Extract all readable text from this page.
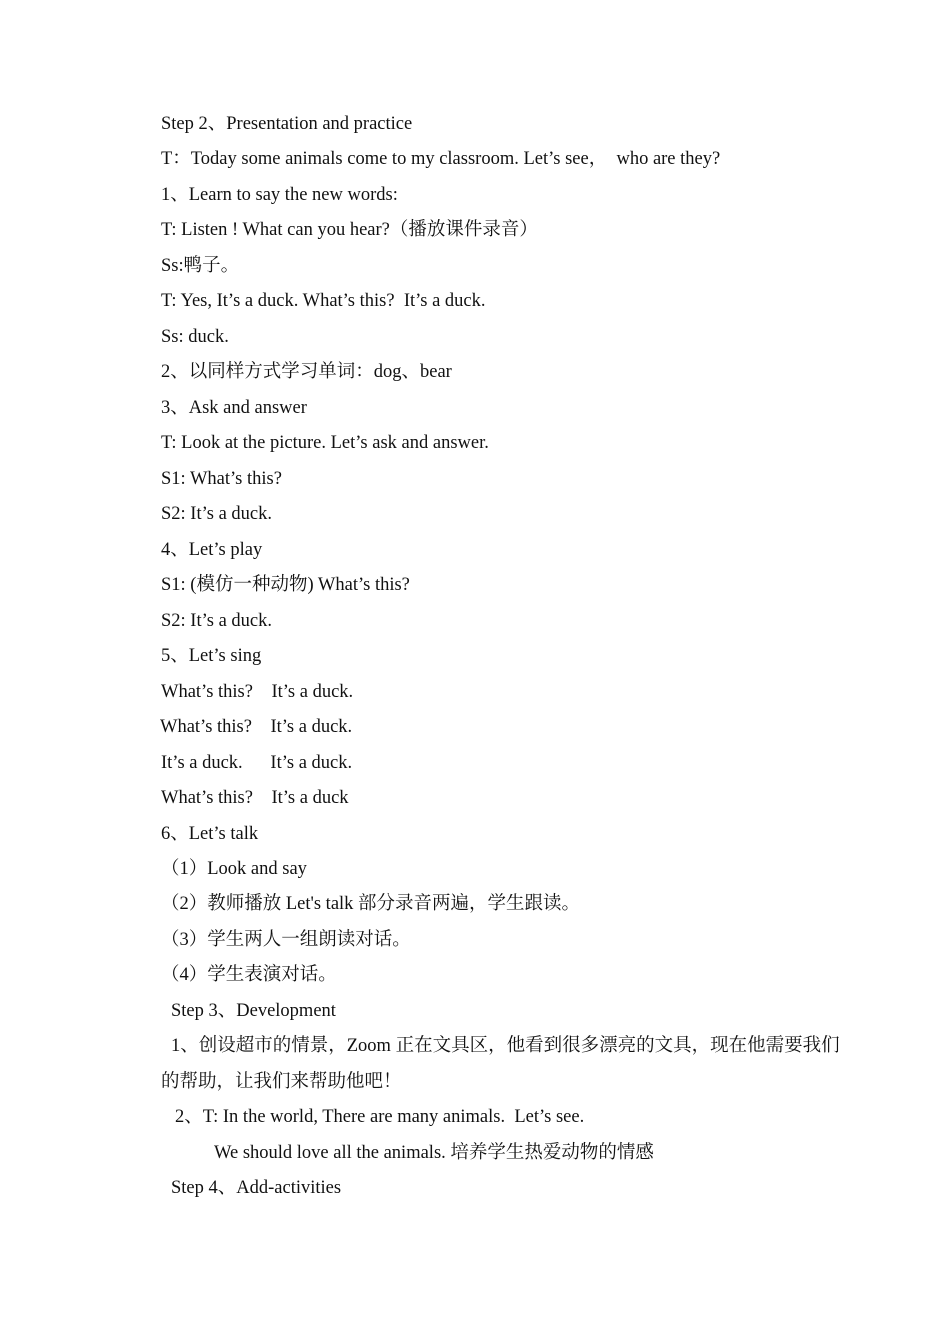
Step 2、Presentation and practice
T：Today some animals come to my classroom. Let’s see，  who are they?
1、Learn to say the new words:
T: Listen ! What can you hear?（播放课件录音）
Ss:鸭子。
T: Yes, It’s a duck. What’s this?  It’s a duck.
Ss: duck.
2、以同样方式学习单词：dog、bear
3、Ask and answer
T: Look at the picture. Let’s ask and answer.
S1: What’s this?
S2: It’s a duck.
4、Let’s play
S1: (模仿一种动物) What’s this?
S2: It’s a duck.
5、Let’s sing
What’s this?    It’s a duck.
What’s this?    It’s a duck.
It’s a duck.      It’s a duck.
What’s this?    It’s a duck
6、Let’s talk
（1）Look and say
（2）教师播放 Let's talk 部分录音两遍，学生跟读。
（3）学生两人一组朗读对话。
（4）学生表演对话。
Step 3、Development
1、创设超市的情景，Zoom 正在文具区，他看到很多漂亮的文具，现在他需要我们
的帮助，让我们来帮助他吧！
2、T: In the world, There are many animals.  Let’s see.
We should love all the animals. 培养学生热爱动物的情感
Step 4、Add-activities
